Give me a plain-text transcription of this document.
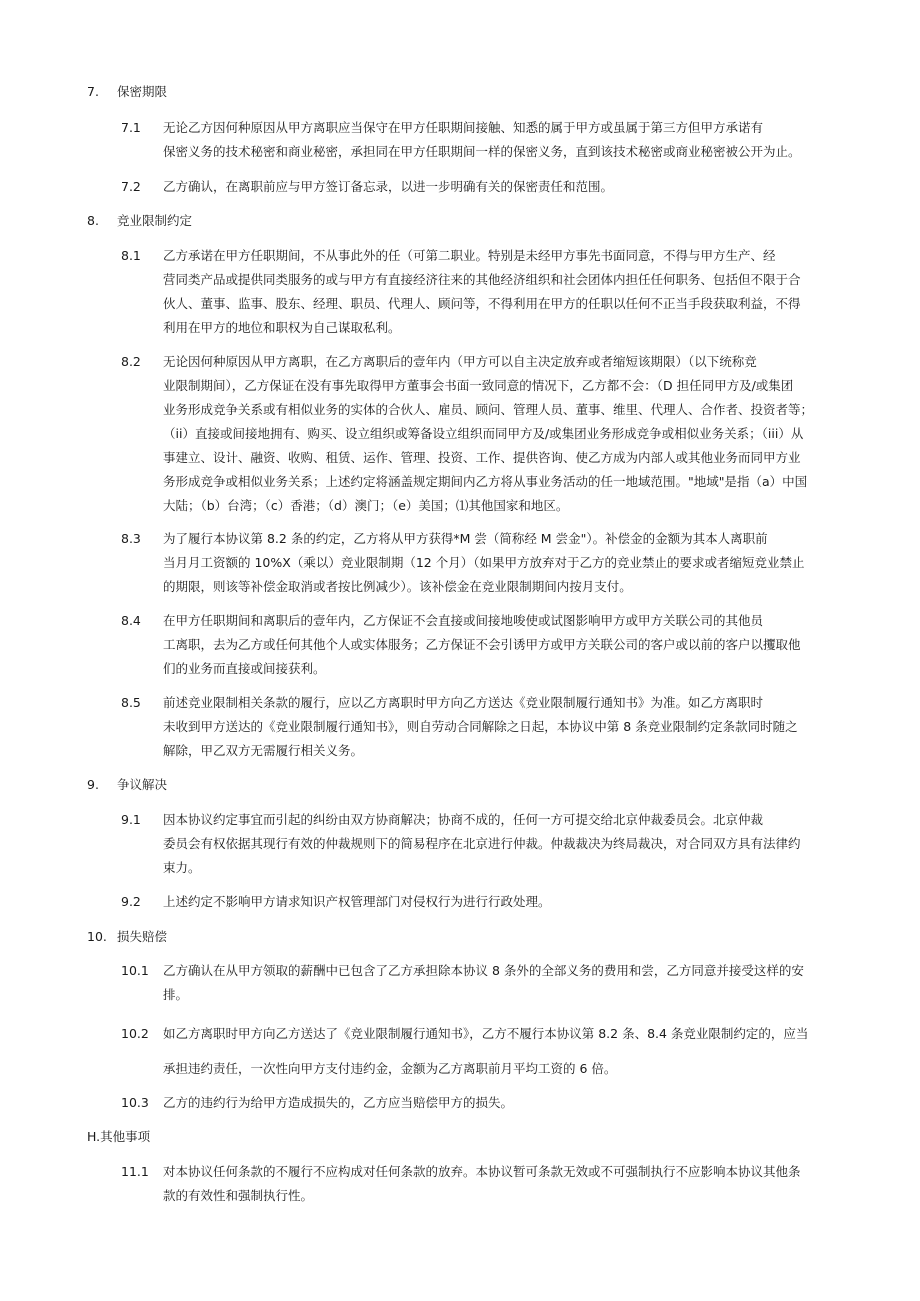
7. 保密期限
7.1 无论乙方因何种原因从甲方离职应当保守在甲方任职期间接触、知悉的属于甲方或虽属于第三方但甲方承诺有
保密义务的技术秘密和商业秘密，承担同在甲方任职期间一样的保密义务，直到该技术秘密或商业秘密被公开为止。
7.2 乙方确认，在离职前应与甲方签订备忘录，以进一步明确有关的保密责任和范围。
8. 竞业限制约定
8.1 乙方承诺在甲方任职期间，不从事此外的任（可第二职业。特别是未经甲方事先书面同意，不得与甲方生产、经
营同类产品或提供同类服务的或与甲方有直接经济往来的其他经济组织和社会团体内担任任何职务、包括但不限于合
伙人、董事、监事、股东、经理、职员、代理人、顾问等，不得利用在甲方的任职以任何不正当手段获取利益，不得
利用在甲方的地位和职权为自己谋取私利。
8.2 无论因何种原因从甲方离职，在乙方离职后的壹年内（甲方可以自主决定放弃或者缩短该期限）（以下统称竞
业限制期间），乙方保证在没有事先取得甲方董事会书面一致同意的情况下，乙方都不会：（D 担任同甲方及/或集团
业务形成竞争关系或有相似业务的实体的合伙人、雇员、顾问、管理人员、董事、维里、代理人、合作者、投资者等；
（ii）直接或间接地拥有、购买、设立组织或筹备设立组织而同甲方及/或集团业务形成竞争或相似业务关系；（iii）从
事建立、设计、融资、收购、租赁、运作、管理、投资、工作、提供咨询、使乙方成为内部人或其他业务而同甲方业
务形成竞争或相似业务关系；上述约定将涵盖规定期间内乙方将从事业务活动的任一地域范围。"地域"是指（a）中国
大陆；（b）台湾；（c）香港；（d）澳门；（e）美国；⑴其他国家和地区。
8.3 为了履行本协议第 8.2 条的约定，乙方将从甲方获得*M 尝（简称经 M 尝金"）。补偿金的金额为其本人离职前
当月月工资额的 10%X（乘以）竞业限制期（12 个月）（如果甲方放弃对于乙方的竞业禁止的要求或者缩短竞业禁止
的期限，则该等补偿金取消或者按比例减少）。该补偿金在竞业限制期间内按月支付。
8.4 在甲方任职期间和离职后的壹年内，乙方保证不会直接或间接地唆使或试图影响甲方或甲方关联公司的其他员
工离职，去为乙方或任何其他个人或实体服务；乙方保证不会引诱甲方或甲方关联公司的客户或以前的客户以攫取他
们的业务而直接或间接获利。
8.5 前述竞业限制相关条款的履行，应以乙方离职时甲方向乙方送达《竞业限制履行通知书》为准。如乙方离职时
未收到甲方送达的《竞业限制履行通知书》，则自劳动合同解除之日起，本协议中第 8 条竞业限制约定条款同时随之
解除，甲乙双方无需履行相关义务。
9. 争议解决
9.1 因本协议约定事宜而引起的纠纷由双方协商解决；协商不成的，任何一方可提交给北京仲裁委员会。北京仲裁
委员会有权依据其现行有效的仲裁规则下的简易程序在北京进行仲裁。仲裁裁决为终局裁决，对合同双方具有法律约
束力。
9.2 上述约定不影响甲方请求知识产权管理部门对侵权行为进行行政处理。
10. 损失赔偿
10.1 乙方确认在从甲方领取的薪酬中已包含了乙方承担除本协议 8 条外的全部义务的费用和尝，乙方同意并接受这样的安
排。
10.2 如乙方离职时甲方向乙方送达了《竞业限制履行通知书》，乙方不履行本协议第 8.2 条、8.4 条竞业限制约定的，应当
承担违约责任，一次性向甲方支付违约金，金额为乙方离职前月平均工资的 6 倍。
10.3 乙方的违约行为给甲方造成损失的，乙方应当赔偿甲方的损失。
H.其他事项
11.1 对本协议任何条款的不履行不应构成对任何条款的放弃。本协议暂可条款无效或不可强制执行不应影响本协议其他条
款的有效性和强制执行性。
